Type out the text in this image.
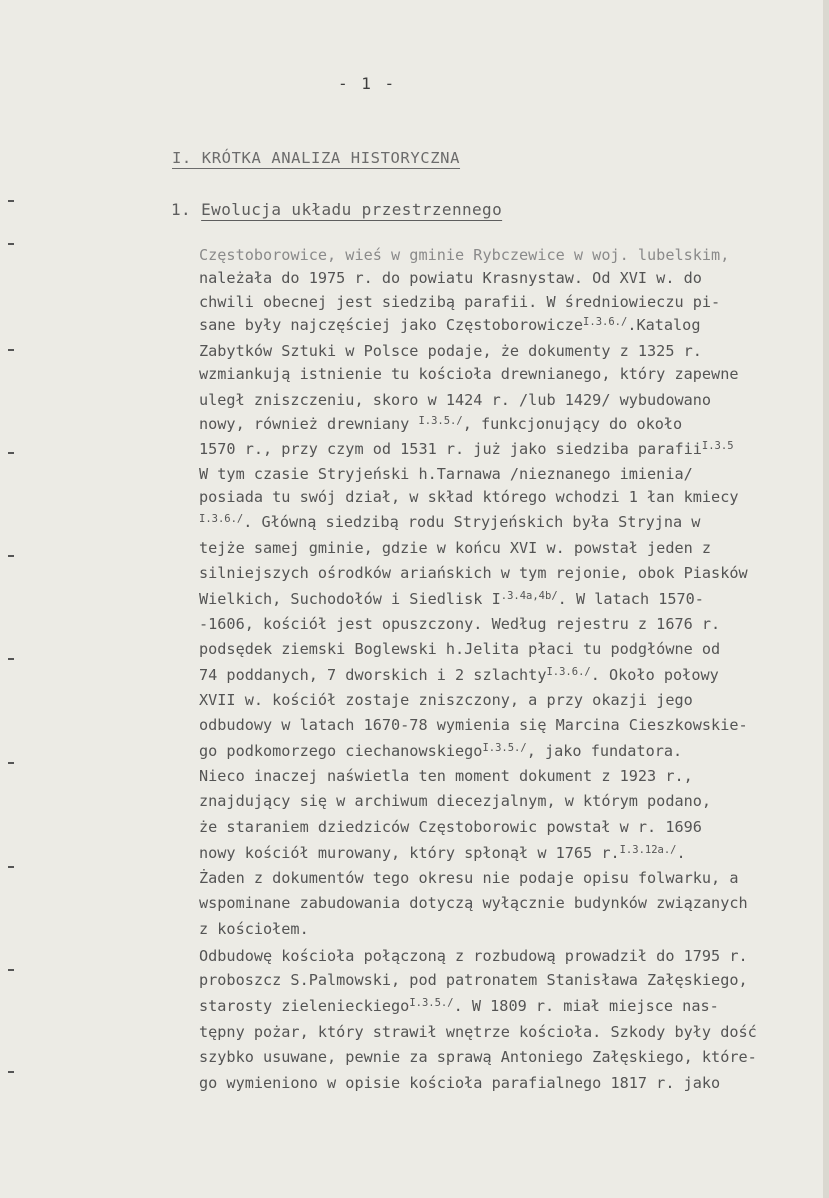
- 1 -
I. KRÓTKA ANALIZA HISTORYCZNA
1. Ewolucja układu przestrzennego
Częstoborowice, wieś w gminie Rybczewice w woj. lubelskim,
należała do 1975 r. do powiatu Krasnystaw. Od XVI w. do
chwili obecnej jest siedzibą parafii. W średniowieczu pi-
sane były najczęściej jako Częstoborowicze$^{I.3.6./}$.Katalog
Zabytków Sztuki w Polsce podaje, że dokumenty z 1325 r.
wzmiankują istnienie tu kościoła drewnianego, który zapewne
uległ zniszczeniu, skoro w 1424 r. /lub 1429/ wybudowano
nowy, również drewniany $^{I.3.5./}$, funkcjonujący do około
1570 r., przy czym od 1531 r. już jako siedziba parafii$^{I.3.5}$
W tym czasie Stryjeński h.Tarnawa /nieznanego imienia/
posiada tu swój dział, w skład którego wchodzi 1 łan kmiecy
$^{I.3.6./}$. Główną siedzibą rodu Stryjeńskich była Stryjna w
tejże samej gminie, gdzie w końcu XVI w. powstał jeden z
silniejszych ośrodków ariańskich w tym rejonie, obok Piasków
Wielkich, Suchodołów i Siedlisk $I^{.3.4a,4b/}$. W latach 1570-
-1606, kościół jest opuszczony. Według rejestru z 1676 r.
podsędek ziemski Boglewski h.Jelita płaci tu podgłówne od
74 poddanych, 7 dworskich i 2 szlachty$^{I.3.6./}$. Około połowy
XVII w. kościół zostaje zniszczony, a przy okazji jego
odbudowy w latach 1670-78 wymienia się Marcina Cieszkowskie-
go podkomorzego ciechanowskiego$^{I.3.5./}$, jako fundatora.
Nieco inaczej naświetla ten moment dokument z 1923 r.,
znajdujący się w archiwum diecezjalnym, w którym podano,
że staraniem dziedziców Częstoborowic powstał w r. 1696
nowy kościół murowany, który spłonął w 1765 r.$^{I.3.12a./}$.
Żaden z dokumentów tego okresu nie podaje opisu folwarku, a
wspominane zabudowania dotyczą wyłącznie budynków związanych
z kościołem.
Odbudowę kościoła połączoną z rozbudową prowadził do 1795 r.
proboszcz S.Palmowski, pod patronatem Stanisława Załęskiego,
starosty zielenieckiego$^{I.3.5./}$. W 1809 r. miał miejsce nas-
tępny pożar, który strawił wnętrze kościoła. Szkody były dość
szybko usuwane, pewnie za sprawą Antoniego Załęskiego, które-
go wymieniono w opisie kościoła parafialnego 1817 r. jako
